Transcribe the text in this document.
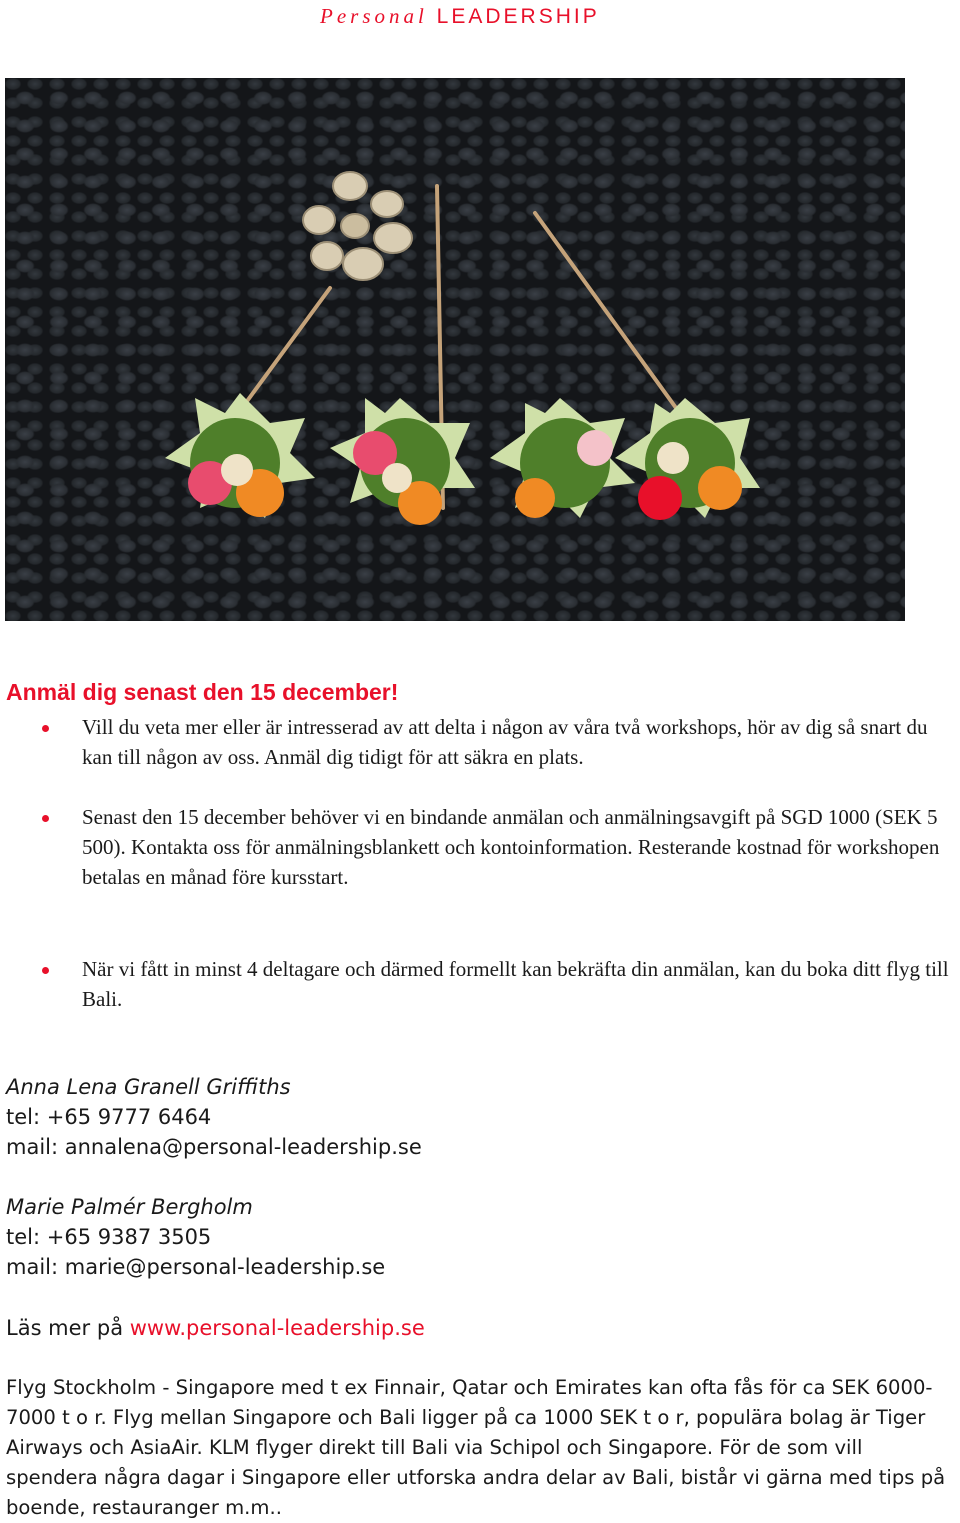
Personal LEADERSHIP
Anmäl dig senast den 15 december!
Vill du veta mer eller är intresserad av att delta i någon av våra två workshops, hör av dig så snart du kan till någon av oss. Anmäl dig tidigt för att säkra en plats.
Senast den 15 december behöver vi en bindande anmälan och anmälningsavgift på SGD 1000 (SEK 5 500). Kontakta oss för anmälningsblankett och kontoinformation. Resterande kostnad för workshopen betalas en månad före kursstart.
När vi fått in minst 4 deltagare och därmed formellt kan bekräfta din anmälan, kan du boka ditt flyg till Bali.
Anna Lena Granell Griffiths
tel: +65 9777 6464
mail: annalena@personal-leadership.se
Marie Palmér Bergholm
tel: +65 9387 3505
mail: marie@personal-leadership.se
Läs mer på www.personal-leadership.se
Flyg Stockholm - Singapore med t ex Finnair, Qatar och Emirates kan ofta fås för ca SEK 6000-7000 t o r. Flyg mellan Singapore och Bali ligger på ca 1000 SEK t o r, populära bolag är Tiger Airways och AsiaAir. KLM flyger direkt till Bali via Schipol och Singapore. För de som vill spendera några dagar i Singapore eller utforska andra delar av Bali, bistår vi gärna med tips på boende, restauranger m.m..
